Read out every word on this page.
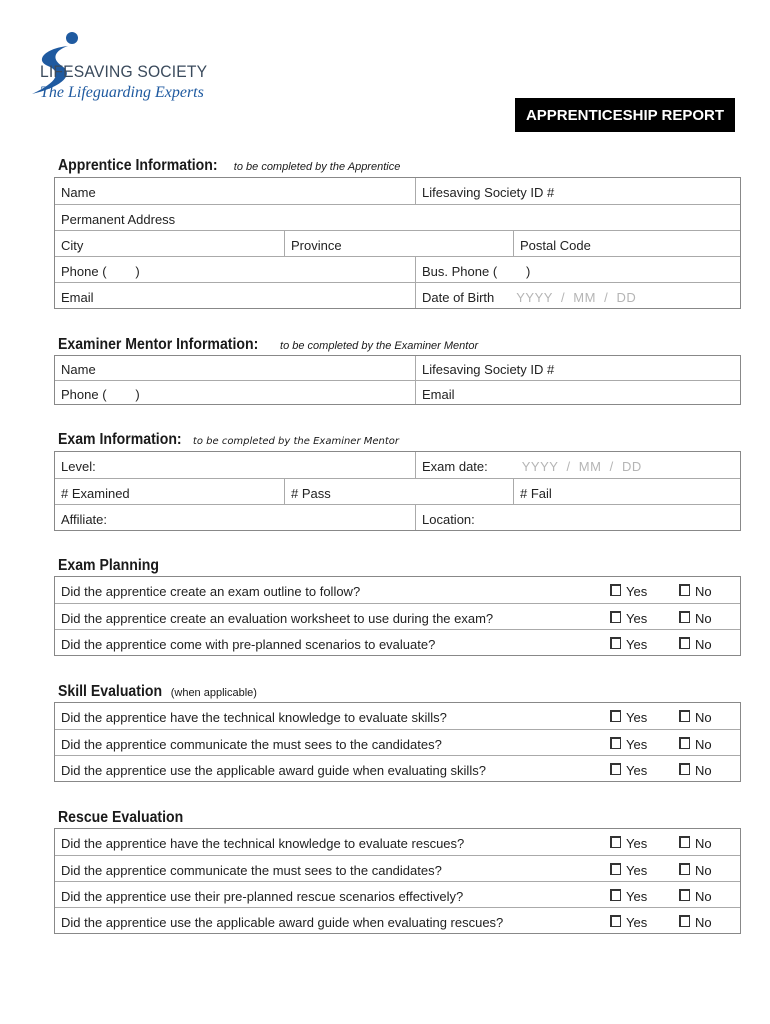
LIFESAVING SOCIETY
The Lifeguarding Experts
APPRENTICESHIP REPORT
Apprentice Information: to be completed by the Apprentice
Name	Lifesaving Society ID #
Permanent Address
City	Province	Postal Code
Phone (        )	Bus. Phone (        )
Email	Date of Birth YYYY  /  MM  /  DD
Examiner Mentor Information: to be completed by the Examiner Mentor
Name	Lifesaving Society ID #
Phone (        )	Email
Exam Information: to be completed by the Examiner Mentor
Level:	Exam date:	YYYY  /  MM  /  DD
# Examined	# Pass	# Fail
Affiliate:	Location:
Exam Planning
Did the apprentice create an exam outline to follow?	Yes	No
Did the apprentice create an evaluation worksheet to use during the exam?	Yes	No
Did the apprentice come with pre-planned scenarios to evaluate?	Yes	No
Skill Evaluation (when applicable)
Did the apprentice have the technical knowledge to evaluate skills?	Yes	No
Did the apprentice communicate the must sees to the candidates?	Yes	No
Did the apprentice use the applicable award guide when evaluating skills?	Yes	No
Rescue Evaluation
Did the apprentice have the technical knowledge to evaluate rescues?	Yes	No
Did the apprentice communicate the must sees to the candidates?	Yes	No
Did the apprentice use their pre-planned rescue scenarios effectively?	Yes	No
Did the apprentice use the applicable award guide when evaluating rescues?	Yes	No
